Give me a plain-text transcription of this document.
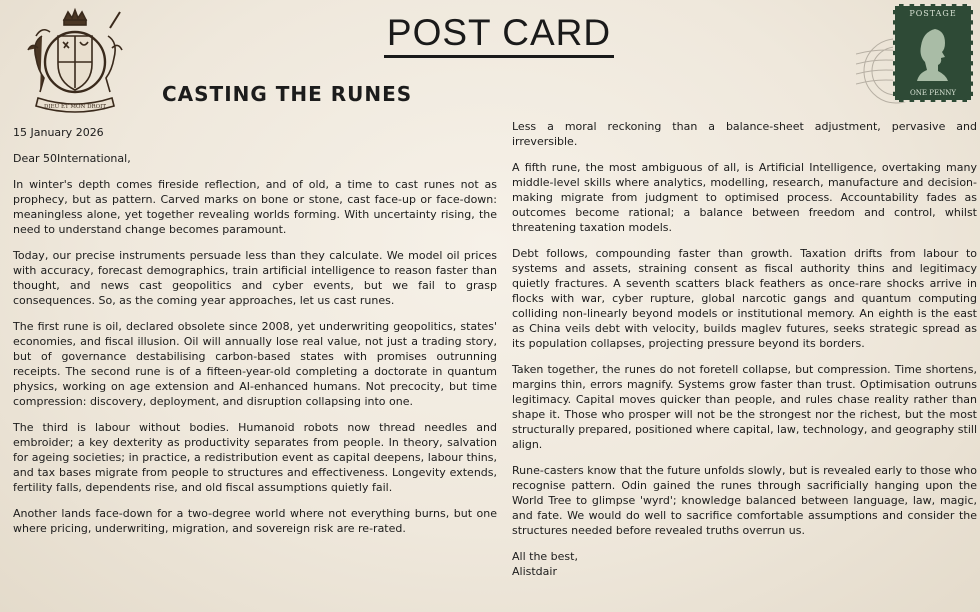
DIEU ET MON DROIT
POST CARD	POSTAGE
ONE PENNY
CASTING THE RUNES

15 January 2026

Dear 50International,

In winter's depth comes fireside reflection, and of old, a time to cast runes not as prophecy, but as pattern. Carved marks on bone or stone, cast face-up or face-down: meaningless alone, yet together revealing worlds forming. With uncertainty rising, the need to understand change becomes paramount.

Today, our precise instruments persuade less than they calculate. We model oil prices with accuracy, forecast demographics, train artificial intelligence to reason faster than thought, and news cast geopolitics and cyber events, but we fail to grasp consequences. So, as the coming year approaches, let us cast runes.

The first rune is oil, declared obsolete since 2008, yet underwriting geopolitics, states' economies, and fiscal illusion. Oil will annually lose real value, not just a trading story, but of governance destabilising carbon-based states with promises outrunning receipts. The second rune is of a fifteen-year-old completing a doctorate in quantum physics, working on age extension and AI-enhanced humans. Not precocity, but time compression: discovery, deployment, and disruption collapsing into one.

The third is labour without bodies. Humanoid robots now thread needles and embroider; a key dexterity as productivity separates from people. In theory, salvation for ageing societies; in practice, a redistribution event as capital deepens, labour thins, and tax bases migrate from people to structures and effectiveness. Longevity extends, fertility falls, dependents rise, and old fiscal assumptions quietly fail.

Another lands face-down for a two-degree world where not everything burns, but one where pricing, underwriting, migration, and sovereign risk are re-rated.

Less a moral reckoning than a balance-sheet adjustment, pervasive and irreversible.

A fifth rune, the most ambiguous of all, is Artificial Intelligence, overtaking many middle-level skills where analytics, modelling, research, manufacture and decision-making migrate from judgment to optimised process. Accountability fades as outcomes become rational; a balance between freedom and control, whilst threatening taxation models.

Debt follows, compounding faster than growth. Taxation drifts from labour to systems and assets, straining consent as fiscal authority thins and legitimacy quietly fractures. A seventh scatters black feathers as once-rare shocks arrive in flocks with war, cyber rupture, global narcotic gangs and quantum computing colliding non-linearly beyond models or institutional memory. An eighth is the east as China veils debt with velocity, builds maglev futures, seeks strategic spread as its population collapses, projecting pressure beyond its borders.

Taken together, the runes do not foretell collapse, but compression. Time shortens, margins thin, errors magnify. Systems grow faster than trust. Optimisation outruns legitimacy. Capital moves quicker than people, and rules chase reality rather than shape it. Those who prosper will not be the strongest nor the richest, but the most structurally prepared, positioned where capital, law, technology, and geography still align.

Rune-casters know that the future unfolds slowly, but is revealed early to those who recognise pattern. Odin gained the runes through sacrificially hanging upon the World Tree to glimpse 'wyrd'; knowledge balanced between language, law, magic, and fate. We would do well to sacrifice comfortable assumptions and consider the structures needed before revealed truths overrun us.

All the best,

Alistdair
